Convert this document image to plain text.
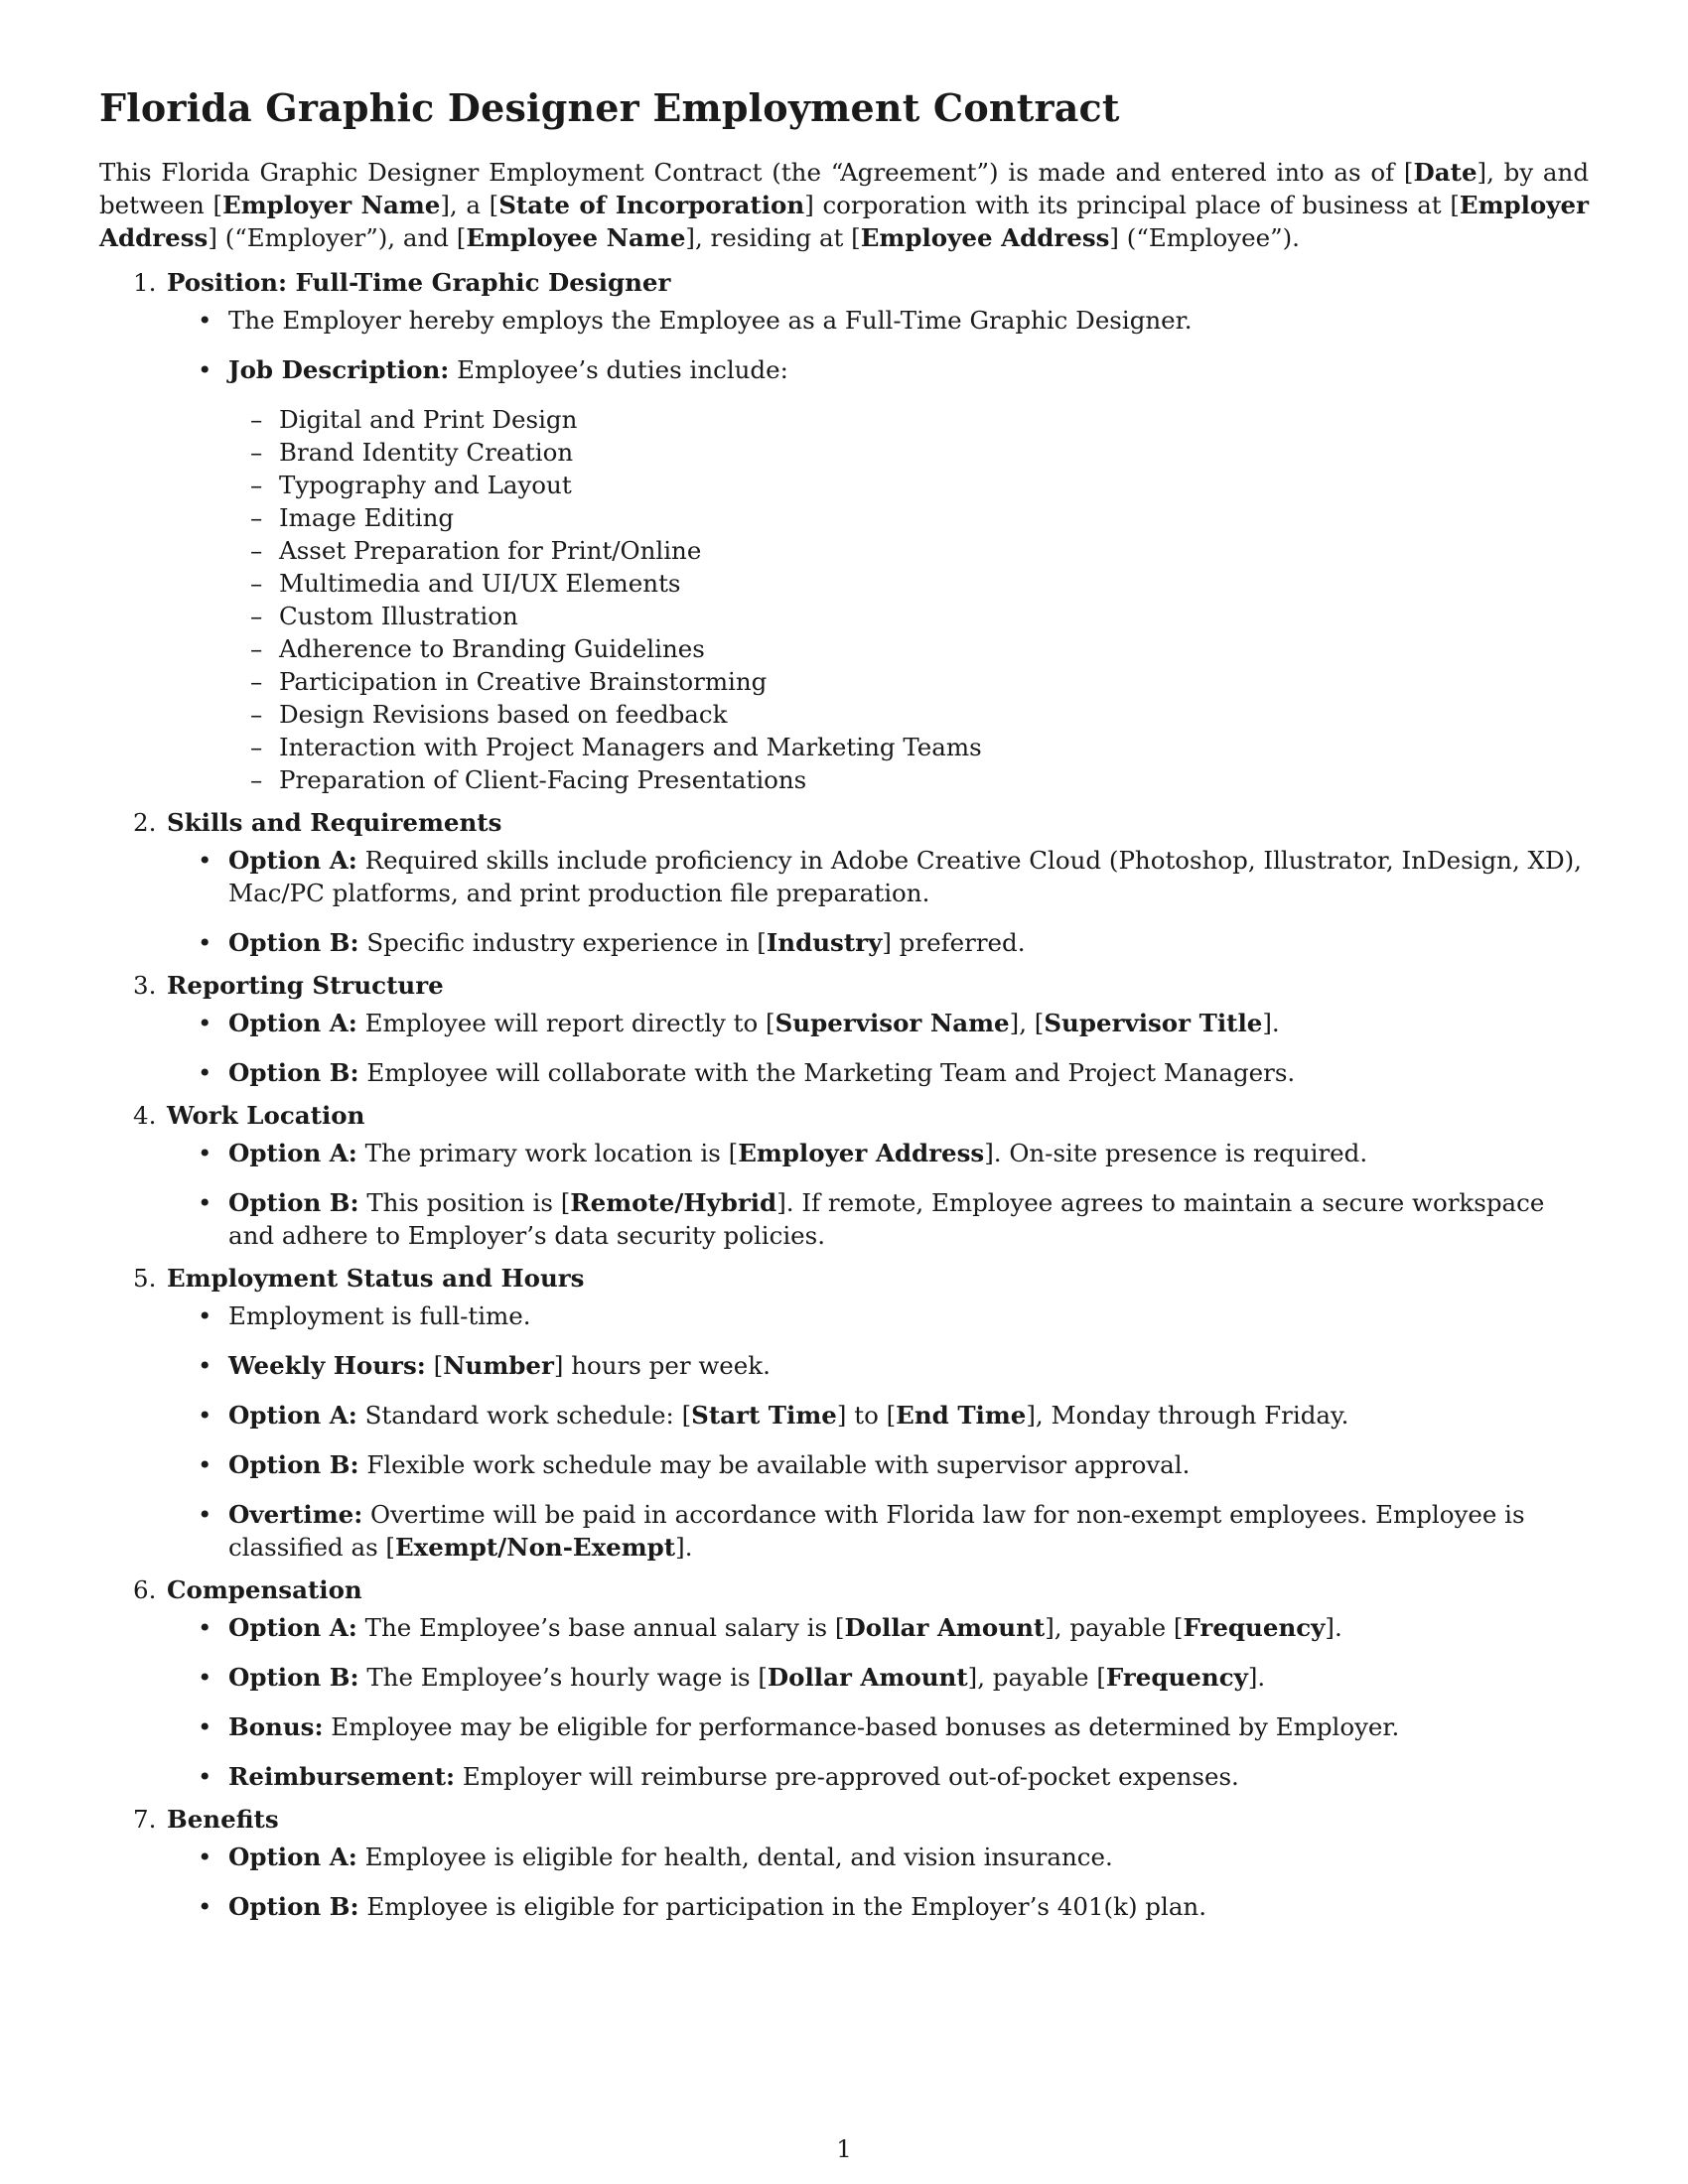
Florida Graphic Designer Employment Contract

This Florida Graphic Designer Employment Contract (the “Agreement”) is made and entered into as of [Date], by and between [Employer Name], a [State of Incorporation] corporation with its principal place of business at [Employer Address] (“Employer”), and [Employee Name], residing at [Employee Address] (“Employee”).

1. Position: Full-Time Graphic Designer
• The Employer hereby employs the Employee as a Full-Time Graphic Designer.
• Job Description: Employee’s duties include:
– Digital and Print Design
– Brand Identity Creation
– Typography and Layout
– Image Editing
– Asset Preparation for Print/Online
– Multimedia and UI/UX Elements
– Custom Illustration
– Adherence to Branding Guidelines
– Participation in Creative Brainstorming
– Design Revisions based on feedback
– Interaction with Project Managers and Marketing Teams
– Preparation of Client-Facing Presentations
2. Skills and Requirements
• Option A: Required skills include proficiency in Adobe Creative Cloud (Photoshop, Illustrator, InDesign, XD), Mac/PC platforms, and print production file preparation.
• Option B: Specific industry experience in [Industry] preferred.
3. Reporting Structure
• Option A: Employee will report directly to [Supervisor Name], [Supervisor Title].
• Option B: Employee will collaborate with the Marketing Team and Project Managers.
4. Work Location
• Option A: The primary work location is [Employer Address]. On-site presence is required.
• Option B: This position is [Remote/Hybrid]. If remote, Employee agrees to maintain a secure workspace and adhere to Employer’s data security policies.
5. Employment Status and Hours
• Employment is full-time.
• Weekly Hours: [Number] hours per week.
• Option A: Standard work schedule: [Start Time] to [End Time], Monday through Friday.
• Option B: Flexible work schedule may be available with supervisor approval.
• Overtime: Overtime will be paid in accordance with Florida law for non-exempt employees. Employee is classified as [Exempt/Non-Exempt].
6. Compensation
• Option A: The Employee’s base annual salary is [Dollar Amount], payable [Frequency].
• Option B: The Employee’s hourly wage is [Dollar Amount], payable [Frequency].
• Bonus: Employee may be eligible for performance-based bonuses as determined by Employer.
• Reimbursement: Employer will reimburse pre-approved out-of-pocket expenses.
7. Benefits
• Option A: Employee is eligible for health, dental, and vision insurance.
• Option B: Employee is eligible for participation in the Employer’s 401(k) plan.
1
